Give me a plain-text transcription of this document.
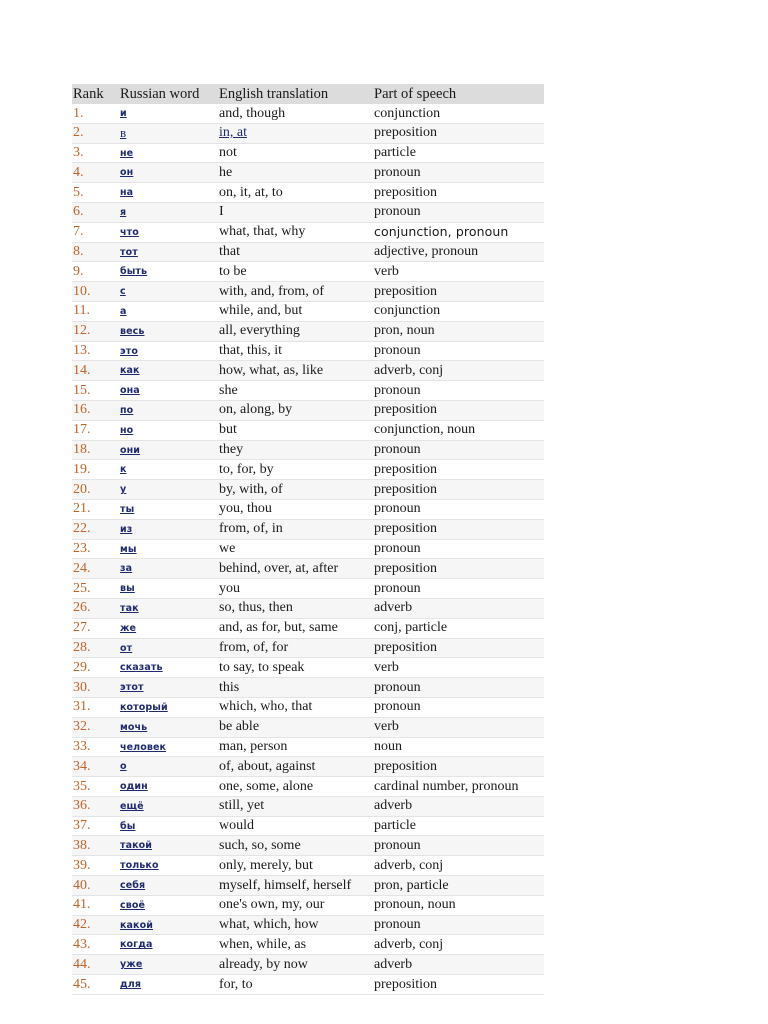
Rank	Russian word	English translation	Part of speech
1.	и	and, though	conjunction
2.	в	in, at	preposition
3.	не	not	particle
4.	он	he	pronoun
5.	на	on, it, at, to	preposition
6.	я	I	pronoun
7.	что	what, that, why	conjunction, pronoun
8.	тот	that	adjective, pronoun
9.	быть	to be	verb
10.	с	with, and, from, of	preposition
11.	а	while, and, but	conjunction
12.	весь	all, everything	pron, noun
13.	это	that, this, it	pronoun
14.	как	how, what, as, like	adverb, conj
15.	она	she	pronoun
16.	по	on, along, by	preposition
17.	но	but	conjunction, noun
18.	они	they	pronoun
19.	к	to, for, by	preposition
20.	у	by, with, of	preposition
21.	ты	you, thou	pronoun
22.	из	from, of, in	preposition
23.	мы	we	pronoun
24.	за	behind, over, at, after	preposition
25.	вы	you	pronoun
26.	так	so, thus, then	adverb
27.	же	and, as for, but, same	conj, particle
28.	от	from, of, for	preposition
29.	сказать	to say, to speak	verb
30.	этот	this	pronoun
31.	который	which, who, that	pronoun
32.	мочь	be able	verb
33.	человек	man, person	noun
34.	о	of, about, against	preposition
35.	один	one, some, alone	cardinal number, pronoun
36.	ещё	still, yet	adverb
37.	бы	would	particle
38.	такой	such, so, some	pronoun
39.	только	only, merely, but	adverb, conj
40.	себя	myself, himself, herself	pron, particle
41.	своё	one's own, my, our	pronoun, noun
42.	какой	what, which, how	pronoun
43.	когда	when, while, as	adverb, conj
44.	уже	already, by now	adverb
45.	для	for, to	preposition
